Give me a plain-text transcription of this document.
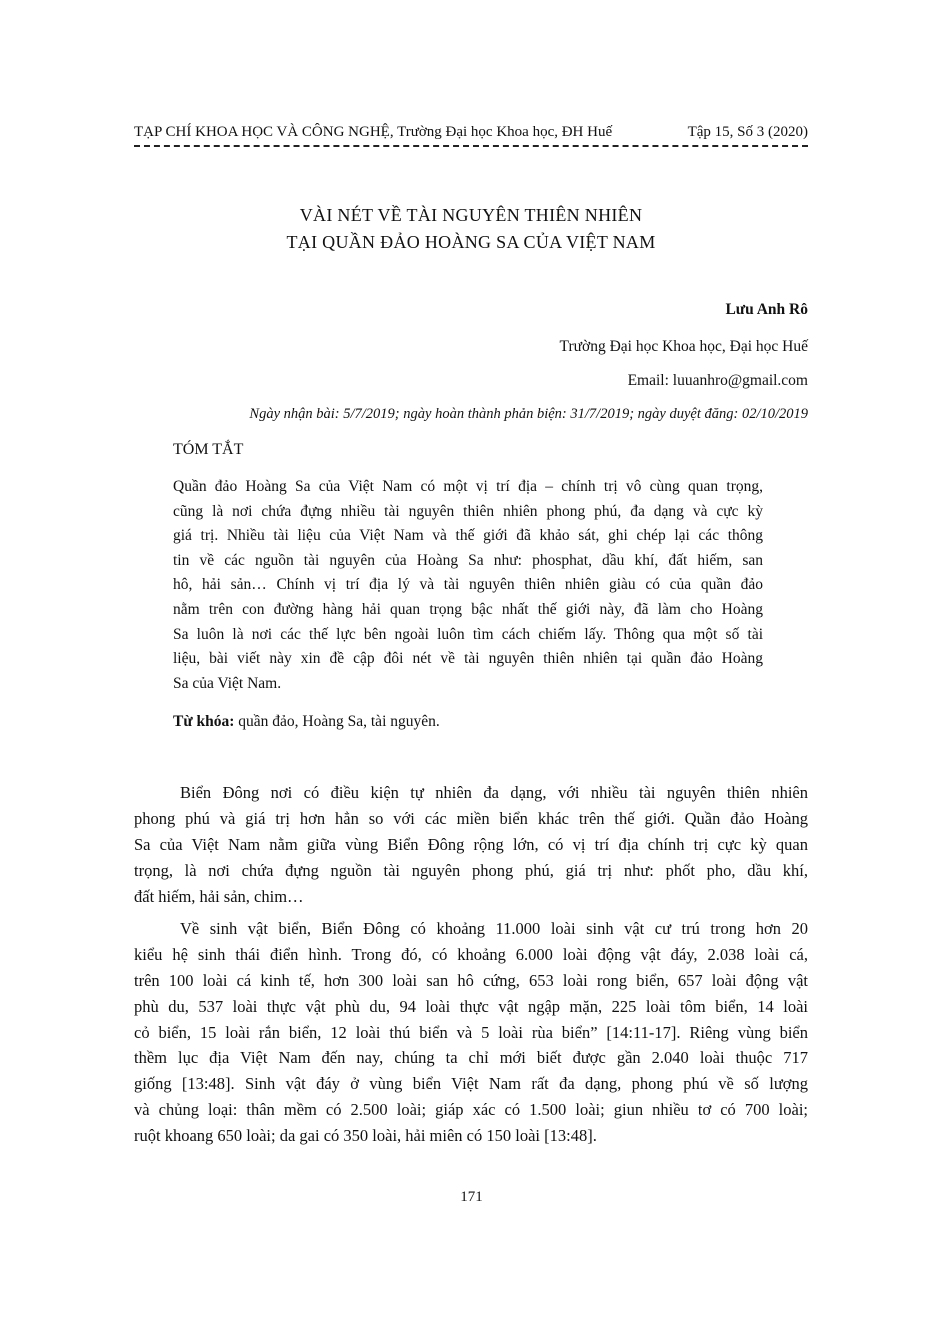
TẠP CHÍ KHOA HỌC VÀ CÔNG NGHỆ, Trường Đại học Khoa học, ĐH Huế	Tập 15, Số 3 (2020)
VÀI NÉT VỀ TÀI NGUYÊN THIÊN NHIÊN
TẠI QUẦN ĐẢO HOÀNG SA CỦA VIỆT NAM
Lưu Anh Rô
Trường Đại học Khoa học, Đại học Huế
Email: luuanhro@gmail.com
Ngày nhận bài: 5/7/2019; ngày hoàn thành phản biện: 31/7/2019; ngày duyệt đăng: 02/10/2019
TÓM TẮT
Quần đảo Hoàng Sa của Việt Nam có một vị trí địa – chính trị vô cùng quan trọng,
cũng là nơi chứa đựng nhiều tài nguyên thiên nhiên phong phú, đa dạng và cực kỳ
giá trị. Nhiều tài liệu của Việt Nam và thế giới đã khảo sát, ghi chép lại các thông
tin về các nguồn tài nguyên của Hoàng Sa như: phosphat, dầu khí, đất hiếm, san
hô, hải sản… Chính vị trí địa lý và tài nguyên thiên nhiên giàu có của quần đảo
nằm trên con đường hàng hải quan trọng bậc nhất thế giới này, đã làm cho Hoàng
Sa luôn là nơi các thế lực bên ngoài luôn tìm cách chiếm lấy. Thông qua một số tài
liệu, bài viết này xin đề cập đôi nét về tài nguyên thiên nhiên tại quần đảo Hoàng
Sa của Việt Nam.
Từ khóa: quần đảo, Hoàng Sa, tài nguyên.
Biển Đông nơi có điều kiện tự nhiên đa dạng, với nhiều tài nguyên thiên nhiên
phong phú và giá trị hơn hẳn so với các miền biển khác trên thế giới. Quần đảo Hoàng
Sa của Việt Nam nằm giữa vùng Biển Đông rộng lớn, có vị trí địa chính trị cực kỳ quan
trọng, là nơi chứa đựng nguồn tài nguyên phong phú, giá trị như: phốt pho, dầu khí,
đất hiếm, hải sản, chim…
Về sinh vật biển, Biển Đông có khoảng 11.000 loài sinh vật cư trú trong hơn 20
kiểu hệ sinh thái điển hình. Trong đó, có khoảng 6.000 loài động vật đáy, 2.038 loài cá,
trên 100 loài cá kinh tế, hơn 300 loài san hô cứng, 653 loài rong biển, 657 loài động vật
phù du, 537 loài thực vật phù du, 94 loài thực vật ngập mặn, 225 loài tôm biển, 14 loài
cỏ biển, 15 loài rắn biển, 12 loài thú biển và 5 loài rùa biển” [14:11-17]. Riêng vùng biển
thềm lục địa Việt Nam đến nay, chúng ta chỉ mới biết được gần 2.040 loài thuộc 717
giống [13:48]. Sinh vật đáy ở vùng biển Việt Nam rất đa dạng, phong phú về số lượng
và chủng loại: thân mềm có 2.500 loài; giáp xác có 1.500 loài; giun nhiều tơ có 700 loài;
ruột khoang 650 loài; da gai có 350 loài, hải miên có 150 loài [13:48].
171
